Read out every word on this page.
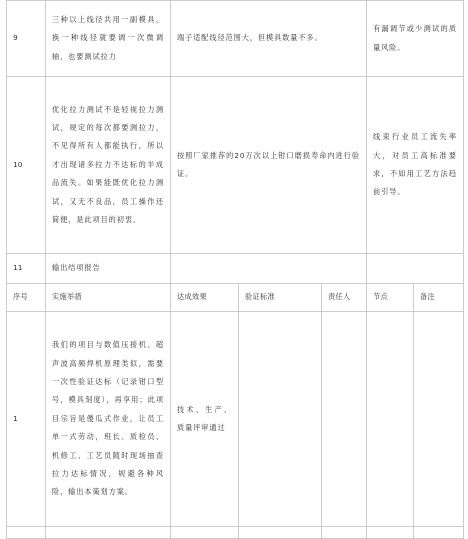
9	三种以上线径共用一副模具，换一种线径就要调一次微调轴，也要测试拉力	端子适配线径范围大，但模具数量不多。			有漏调节或少测试的质量风险。	

10	优化拉力测试不是轻视拉力测试，规定的每次都要测拉力，不见得所有人都能执行，所以才出现诸多拉力不达标的半成品流失。如果能既优化拉力测试，又无不良品，员工操作还简便，是此项目的初衷。	按照厂家推荐的20万次以上钳口磨损寿命内进行验证。			线束行业员工流失率大，对员工高标准要求，不如用工艺方法趋前引导。	

11	输出结项报告					

序号	实施举措	达成效果	验证标准	责任人	节点	备注
1	我们的项目与数值压接机、超声波高频焊机原理类似，需要一次性验证达标（记录钳口型号，模具刻度），再享用；此项目宗旨是傻瓜式作业，让员工单一式劳动，班长、质检员、机修工、工艺员随时现场抽查拉力达标情况，规避各种风险，输出本策划方案。	技术、生产、质量评审通过				
